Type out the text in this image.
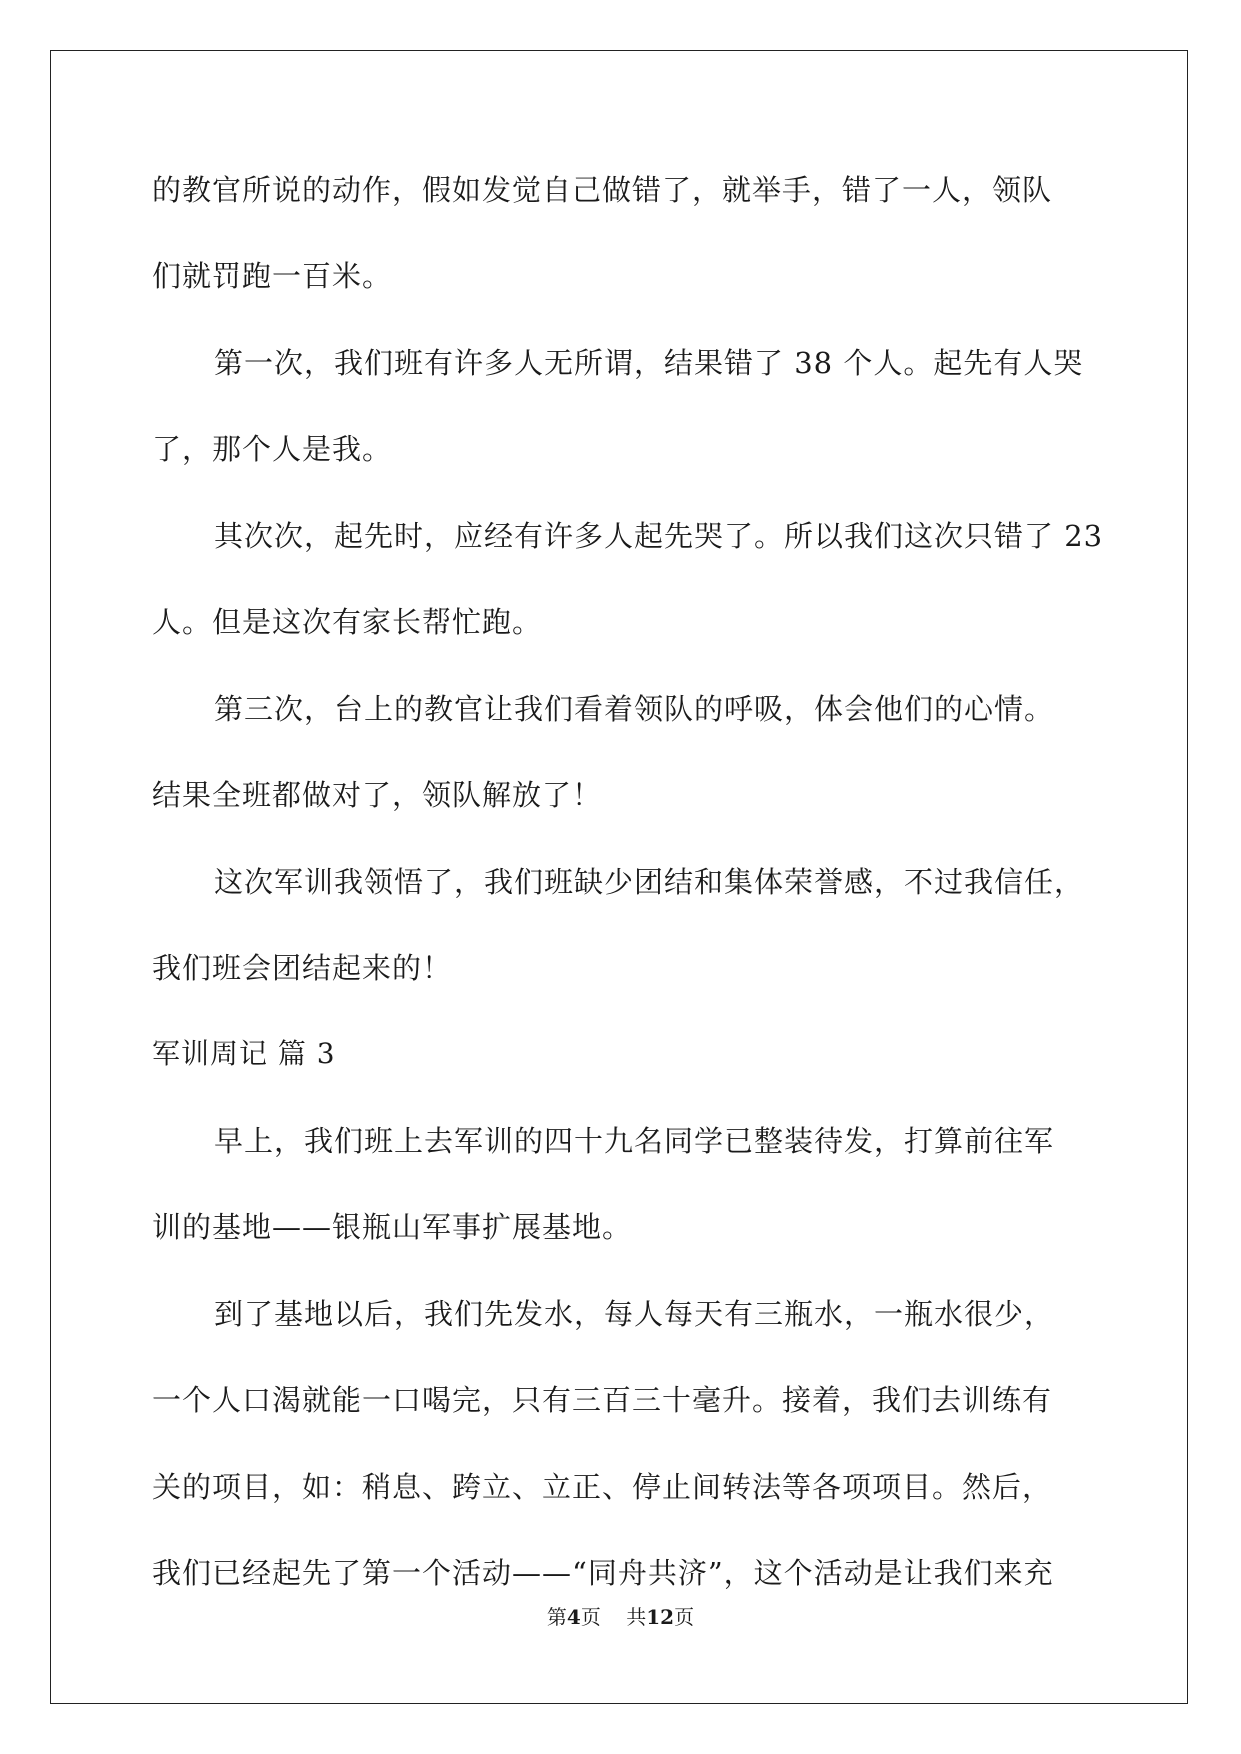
的教官所说的动作，假如发觉自己做错了，就举手，错了一人，领队
们就罚跑一百米。
第一次，我们班有许多人无所谓，结果错了 38 个人。起先有人哭
了，那个人是我。
其次次，起先时，应经有许多人起先哭了。所以我们这次只错了 23
人。但是这次有家长帮忙跑。
第三次，台上的教官让我们看着领队的呼吸，体会他们的心情。
结果全班都做对了，领队解放了！
这次军训我领悟了，我们班缺少团结和集体荣誉感，不过我信任，
我们班会团结起来的！
军训周记 篇 3
早上，我们班上去军训的四十九名同学已整装待发，打算前往军
训的基地——银瓶山军事扩展基地。
到了基地以后，我们先发水，每人每天有三瓶水，一瓶水很少，
一个人口渴就能一口喝完，只有三百三十毫升。接着，我们去训练有
关的项目，如：稍息、跨立、立正、停止间转法等各项项目。然后，
我们已经起先了第一个活动——“同舟共济”，这个活动是让我们来充
第4页 共12页
